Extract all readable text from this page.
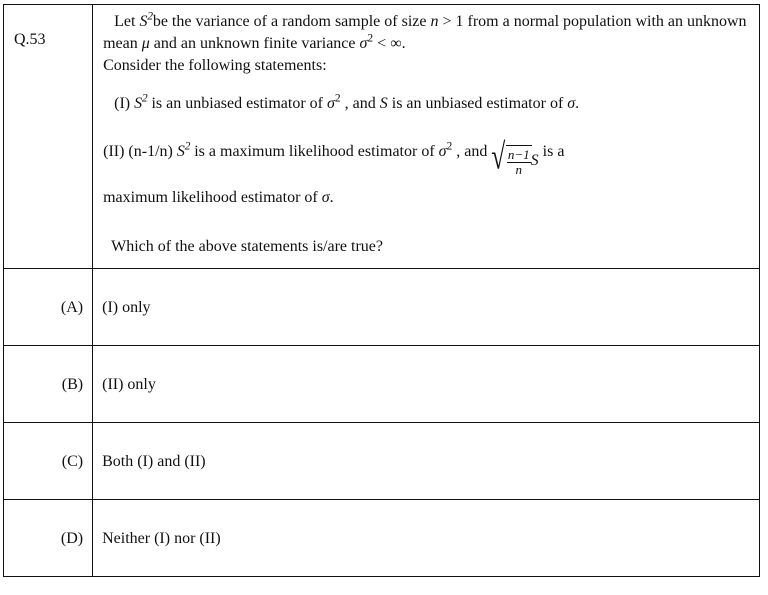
Q.53

Let $S^2be$ the variance of a random sample of size n > 1 from a normal population with an unknown mean μ and an unknown finite variance $\sigma^2$ < ∞.
Consider the following statements:

(I) $S^2$ is an unbiased estimator of $\sigma^2$ , and S is an unbiased estimator of σ.

(II) (n-1/n) $S^2$ is a maximum likelihood estimator of $\sigma^2$ , and √ $\frac{n-1}{n}$ S is a

maximum likelihood estimator of σ.

Which of the above statements is/are true?

(A)	(I) only

(B)	(II) only

(C)	Both (I) and (II)

(D)	Neither (I) nor (II)
